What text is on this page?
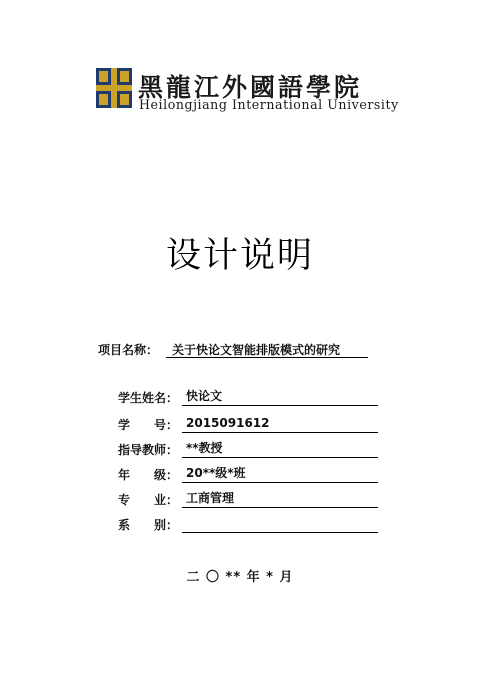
黑龍江外國語學院
Heilongjiang International University
设计说明
项目名称： 关于快论文智能排版模式的研究
学生姓名： 快论文
学　　号： 2015091612
指导教师： **教授
年　　级： 20**级*班
专　　业： 工商管理
系　　别：
二 〇 ** 年 * 月
